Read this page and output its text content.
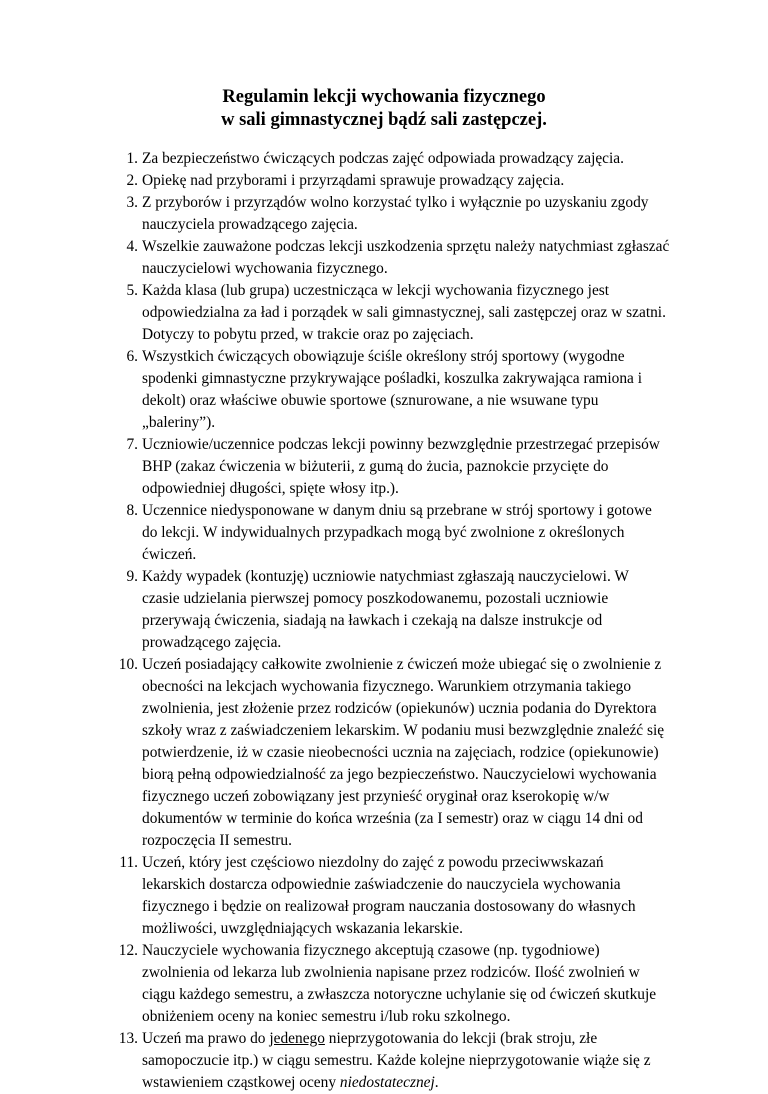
Regulamin lekcji wychowania fizycznego
w sali gimnastycznej bądź sali zastępczej.
1. Za bezpieczeństwo ćwiczących podczas zajęć odpowiada prowadzący zajęcia.
2. Opiekę nad przyborami i przyrządami sprawuje prowadzący zajęcia.
3. Z przyborów i przyrządów wolno korzystać tylko i wyłącznie po uzyskaniu zgody nauczyciela prowadzącego zajęcia.
4. Wszelkie zauważone podczas lekcji uszkodzenia sprzętu należy natychmiast zgłaszać nauczycielowi wychowania fizycznego.
5. Każda klasa (lub grupa) uczestnicząca w lekcji wychowania fizycznego jest odpowiedzialna za ład i porządek w sali gimnastycznej, sali zastępczej oraz w szatni. Dotyczy to pobytu przed, w trakcie oraz po zajęciach.
6. Wszystkich ćwiczących obowiązuje ściśle określony strój sportowy (wygodne spodenki gimnastyczne przykrywające pośladki, koszulka zakrywająca ramiona i dekolt) oraz właściwe obuwie sportowe (sznurowane, a nie wsuwane typu „baleriny”).
7. Uczniowie/uczennice podczas lekcji powinny bezwzględnie przestrzegać przepisów BHP (zakaz ćwiczenia w biżuterii, z gumą do żucia, paznokcie przycięte do odpowiedniej długości, spięte włosy itp.).
8. Uczennice niedysponowane w danym dniu są przebrane w strój sportowy i gotowe do lekcji. W indywidualnych przypadkach mogą być zwolnione z określonych ćwiczeń.
9. Każdy wypadek (kontuzję) uczniowie natychmiast zgłaszają nauczycielowi. W czasie udzielania pierwszej pomocy poszkodowanemu, pozostali uczniowie przerywają ćwiczenia, siadają na ławkach i czekają na dalsze instrukcje od prowadzącego zajęcia.
10. Uczeń posiadający całkowite zwolnienie z ćwiczeń może ubiegać się o zwolnienie z obecności na lekcjach wychowania fizycznego. Warunkiem otrzymania takiego zwolnienia, jest złożenie przez rodziców (opiekunów) ucznia podania do Dyrektora szkoły wraz z zaświadczeniem lekarskim. W podaniu musi bezwzględnie znaleźć się potwierdzenie, iż w czasie nieobecności ucznia na zajęciach, rodzice (opiekunowie) biorą pełną odpowiedzialność za jego bezpieczeństwo. Nauczycielowi wychowania fizycznego uczeń zobowiązany jest przynieść oryginał oraz kserokopię w/w dokumentów w terminie do końca września (za I semestr) oraz w ciągu 14 dni od rozpoczęcia II semestru.
11. Uczeń, który jest częściowo niezdolny do zajęć z powodu przeciwwskazań lekarskich dostarcza odpowiednie zaświadczenie do nauczyciela wychowania fizycznego i będzie on realizował program nauczania dostosowany do własnych możliwości, uwzględniających wskazania lekarskie.
12. Nauczyciele wychowania fizycznego akceptują czasowe (np. tygodniowe) zwolnienia od lekarza lub zwolnienia napisane przez rodziców. Ilość zwolnień w ciągu każdego semestru, a zwłaszcza notoryczne uchylanie się od ćwiczeń skutkuje obniżeniem oceny na koniec semestru i/lub roku szkolnego.
13. Uczeń ma prawo do jedenego nieprzygotowania do lekcji (brak stroju, złe samopoczucie itp.) w ciągu semestru. Każde kolejne nieprzygotowanie wiąże się z wstawieniem cząstkowej oceny niedostatecznej.
